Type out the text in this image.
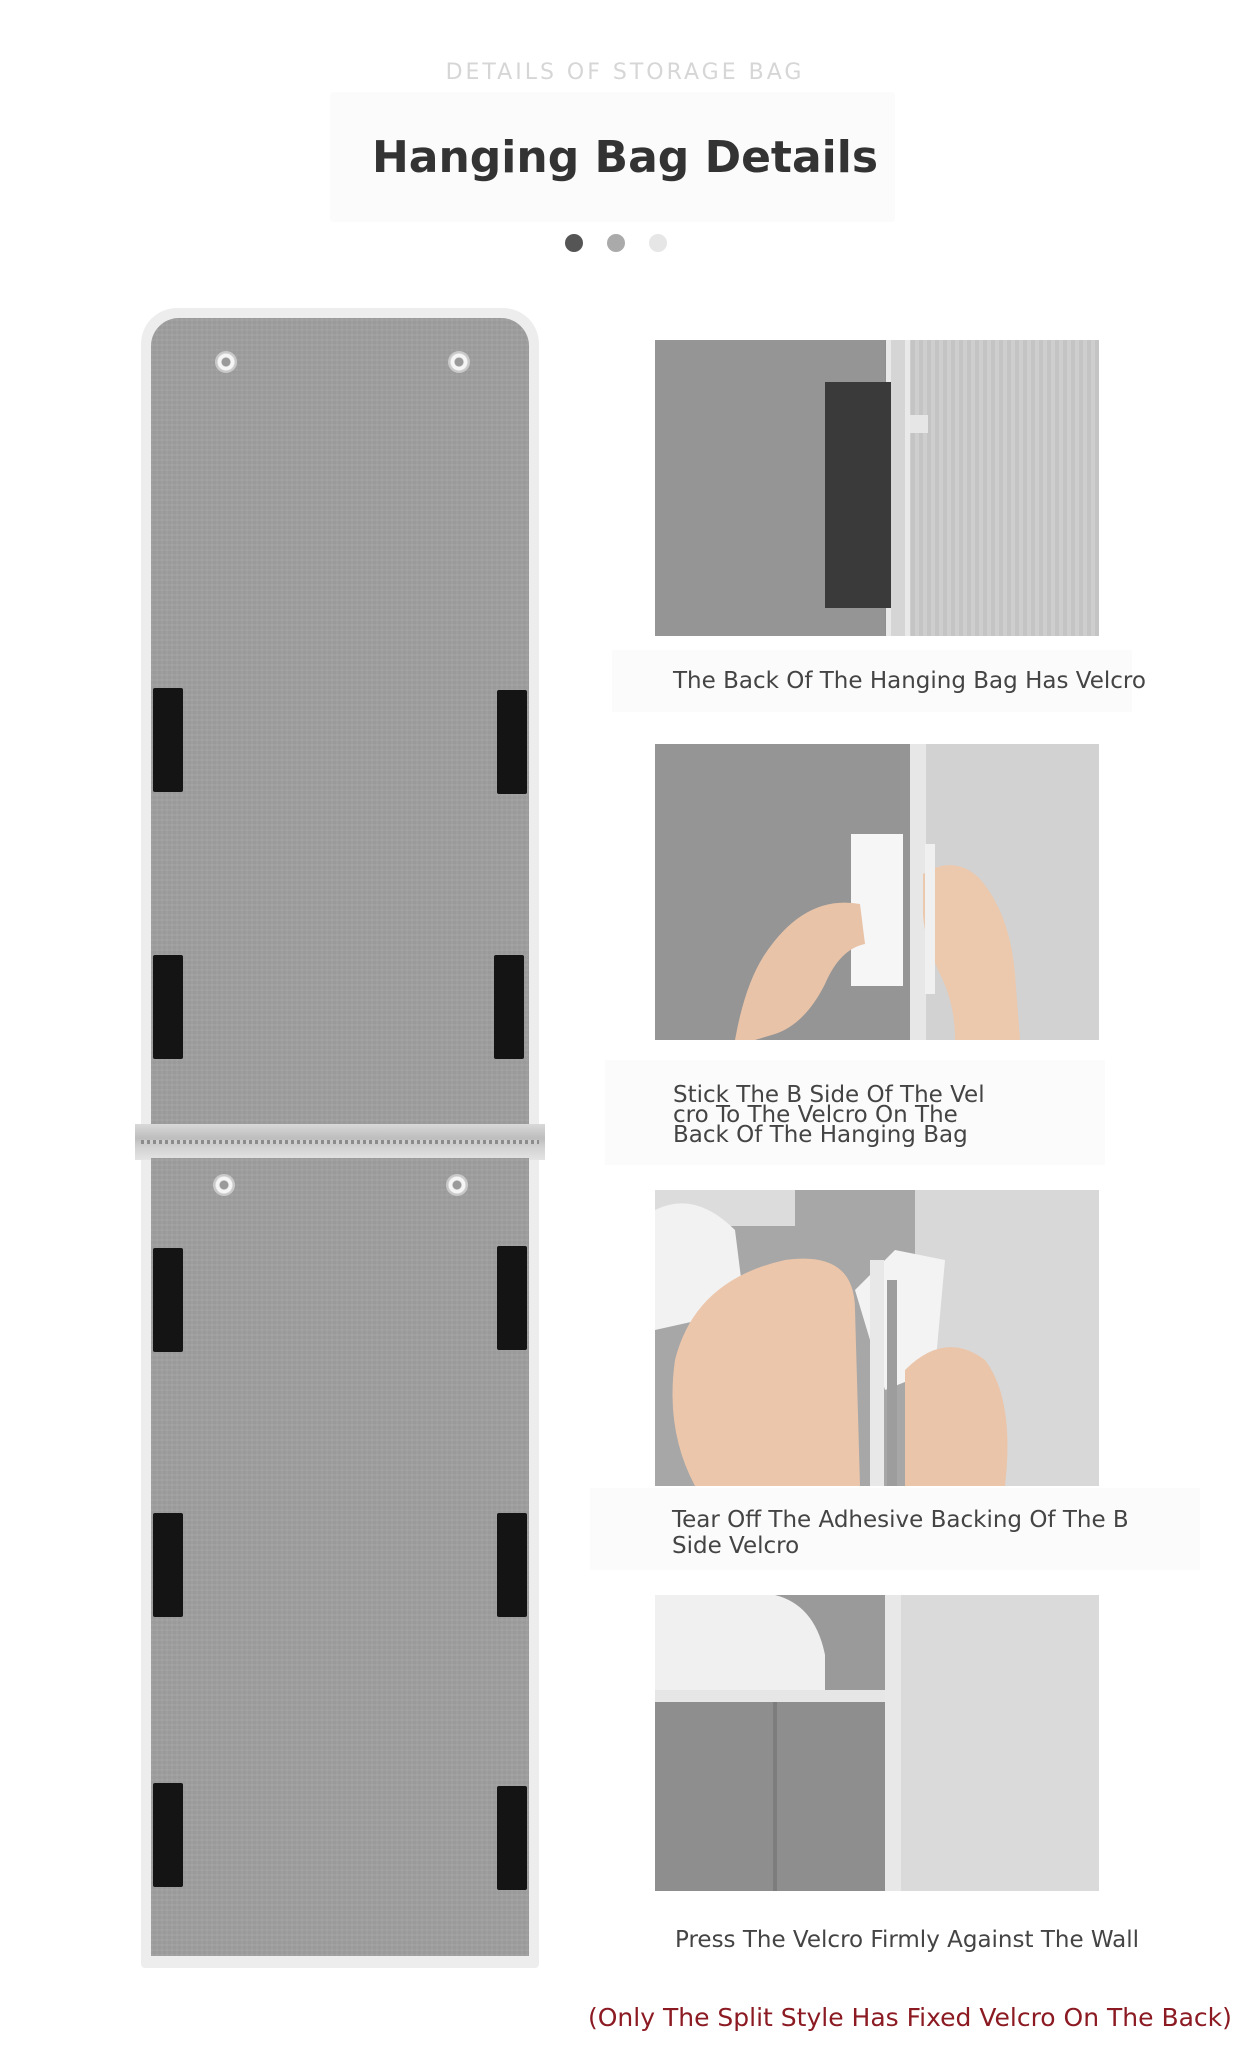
DETAILS OF STORAGE BAG
Hanging Bag Details
The Back Of The Hanging Bag Has Velcro
Stick The B Side Of The Vel
cro To The Velcro On The
Back Of The Hanging Bag
Tear Off The Adhesive Backing Of The B
Side Velcro
Press The Velcro Firmly Against The Wall
(Only The Split Style Has Fixed Velcro On The Back)
